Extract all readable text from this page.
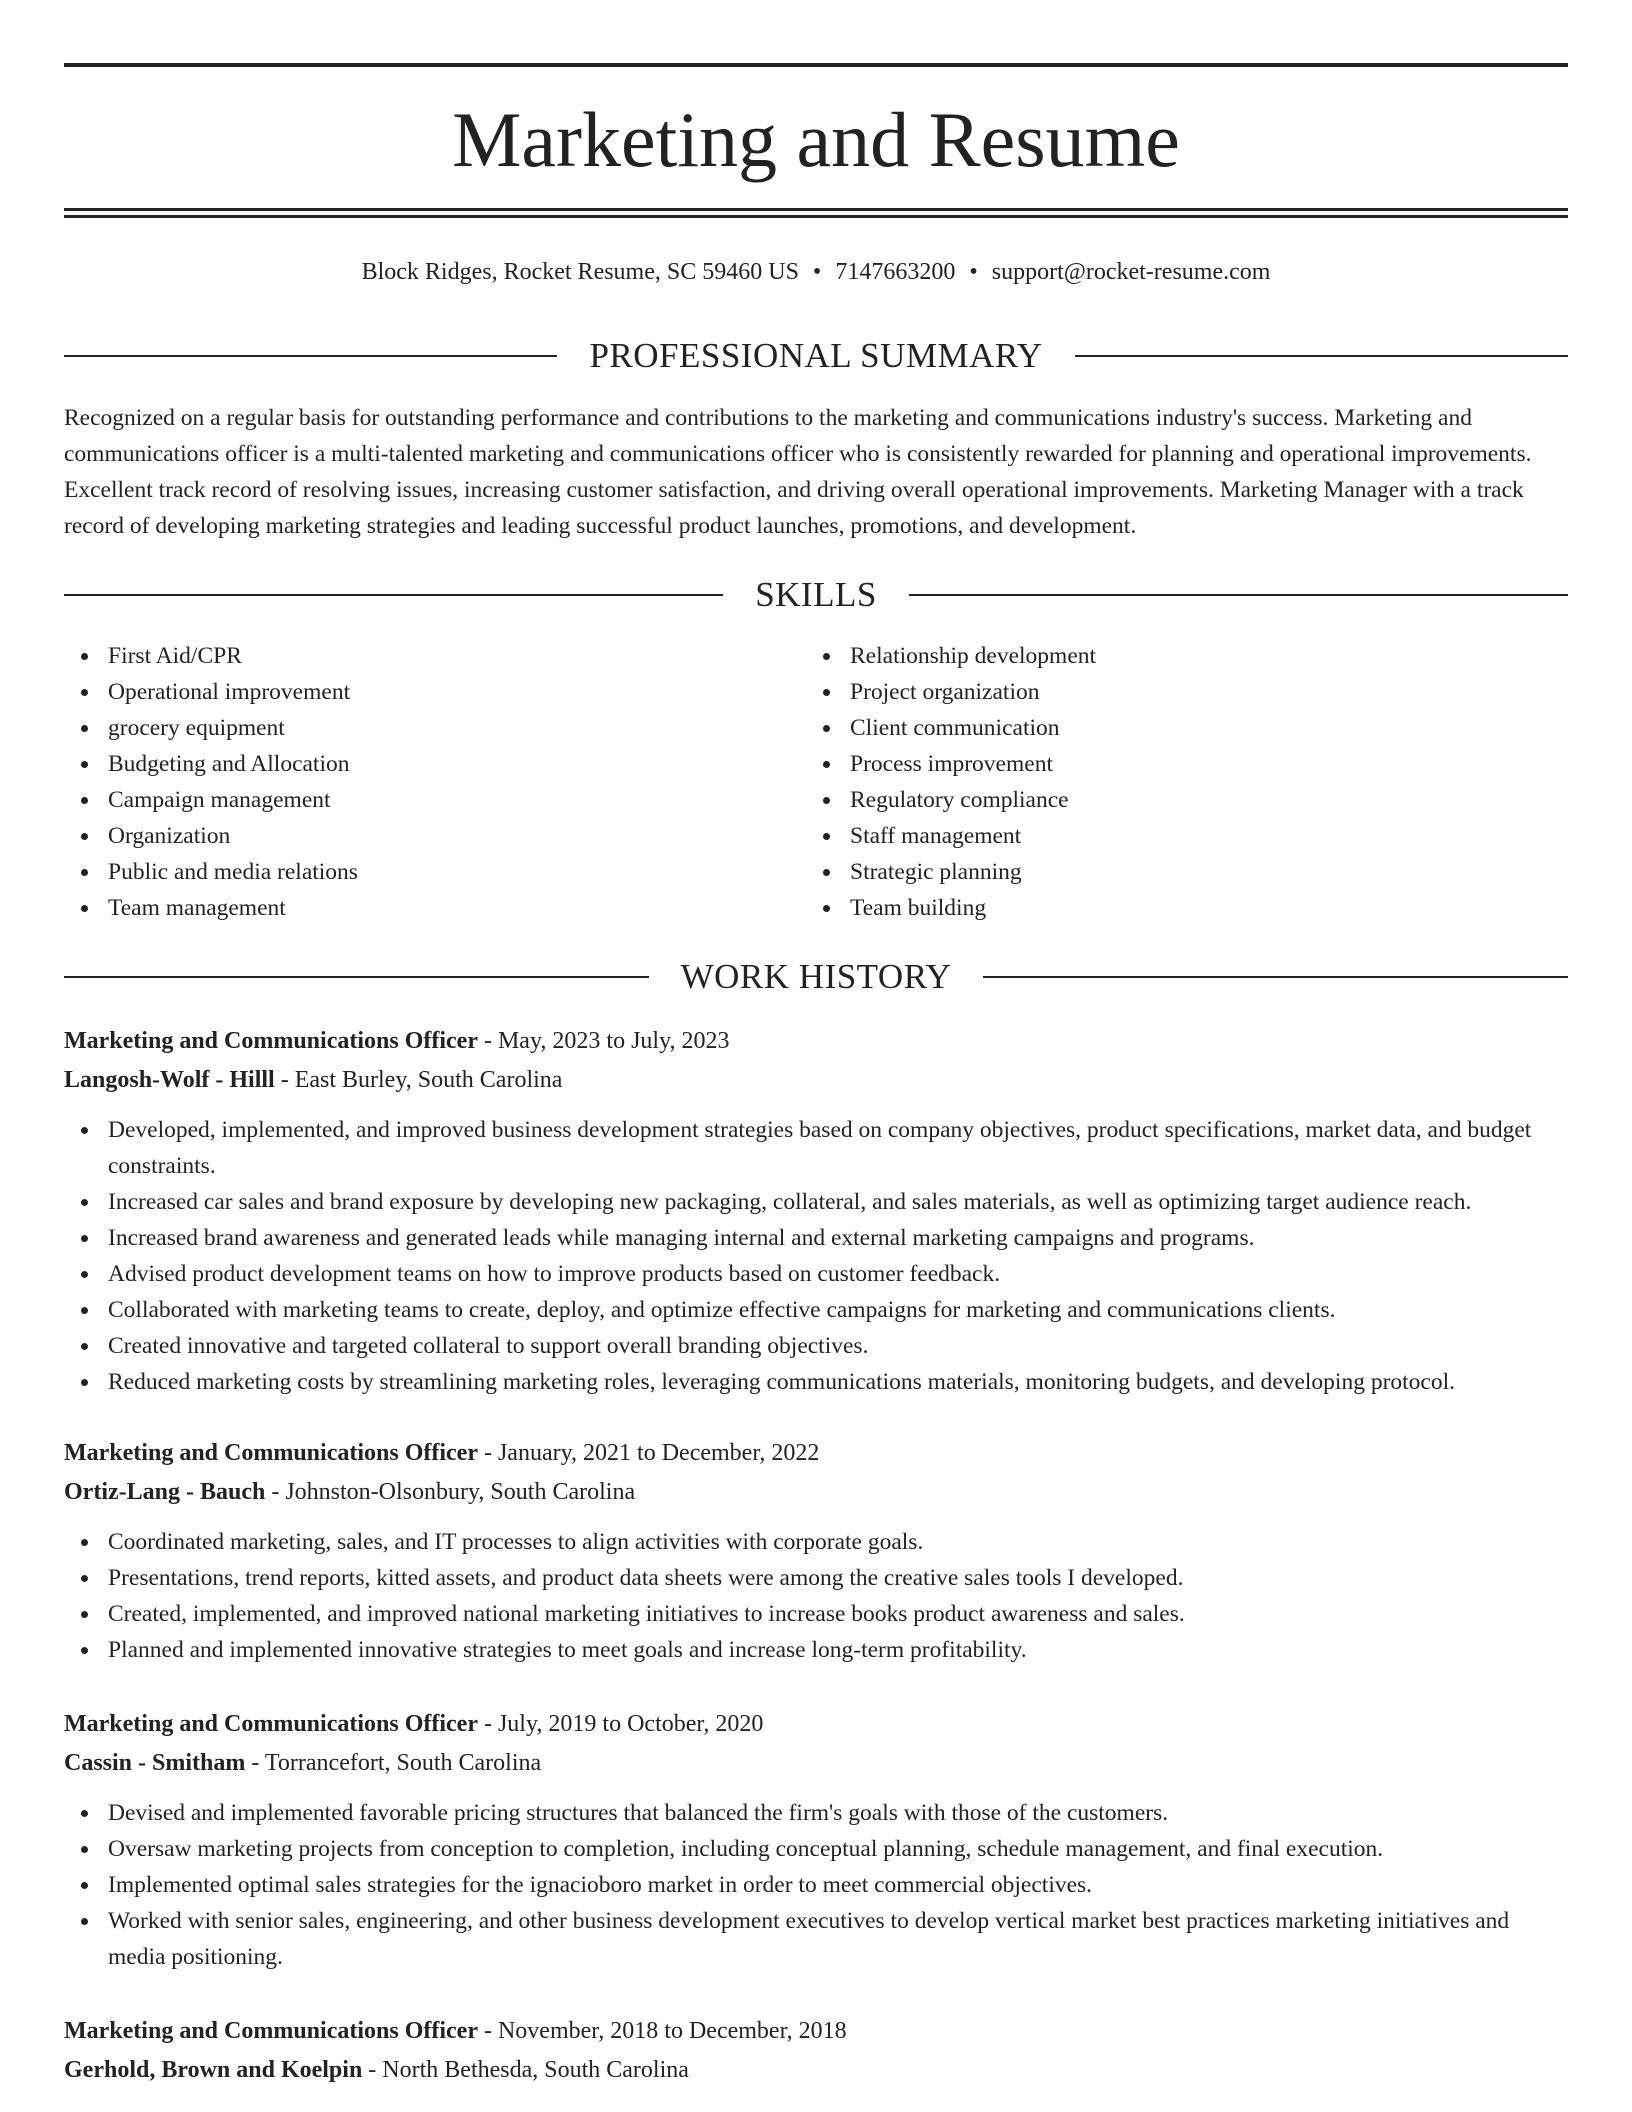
Marketing and Resume
Block Ridges, Rocket Resume, SC 59460 US • 7147663200 • support@rocket-resume.com
PROFESSIONAL SUMMARY

Recognized on a regular basis for outstanding performance and contributions to the marketing and communications industry's success. Marketing and communications officer is a multi-talented marketing and communications officer who is consistently rewarded for planning and operational improvements. Excellent track record of resolving issues, increasing customer satisfaction, and driving overall operational improvements. Marketing Manager with a track record of developing marketing strategies and leading successful product launches, promotions, and development.

SKILLS
First Aid/CPR
Operational improvement
grocery equipment
Budgeting and Allocation
Campaign management
Organization
Public and media relations
Team management
Relationship development
Project organization
Client communication
Process improvement
Regulatory compliance
Staff management
Strategic planning
Team building
WORK HISTORY
Marketing and Communications Officer - May, 2023 to July, 2023
Langosh-Wolf - Hilll - East Burley, South Carolina
Developed, implemented, and improved business development strategies based on company objectives, product specifications, market data, and budget constraints.
Increased car sales and brand exposure by developing new packaging, collateral, and sales materials, as well as optimizing target audience reach.
Increased brand awareness and generated leads while managing internal and external marketing campaigns and programs.
Advised product development teams on how to improve products based on customer feedback.
Collaborated with marketing teams to create, deploy, and optimize effective campaigns for marketing and communications clients.
Created innovative and targeted collateral to support overall branding objectives.
Reduced marketing costs by streamlining marketing roles, leveraging communications materials, monitoring budgets, and developing protocol.
Marketing and Communications Officer - January, 2021 to December, 2022
Ortiz-Lang - Bauch - Johnston-Olsonbury, South Carolina
Coordinated marketing, sales, and IT processes to align activities with corporate goals.
Presentations, trend reports, kitted assets, and product data sheets were among the creative sales tools I developed.
Created, implemented, and improved national marketing initiatives to increase books product awareness and sales.
Planned and implemented innovative strategies to meet goals and increase long-term profitability.
Marketing and Communications Officer - July, 2019 to October, 2020
Cassin - Smitham - Torrancefort, South Carolina
Devised and implemented favorable pricing structures that balanced the firm's goals with those of the customers.
Oversaw marketing projects from conception to completion, including conceptual planning, schedule management, and final execution.
Implemented optimal sales strategies for the ignacioboro market in order to meet commercial objectives.
Worked with senior sales, engineering, and other business development executives to develop vertical market best practices marketing initiatives and media positioning.
Marketing and Communications Officer - November, 2018 to December, 2018
Gerhold, Brown and Koelpin - North Bethesda, South Carolina
